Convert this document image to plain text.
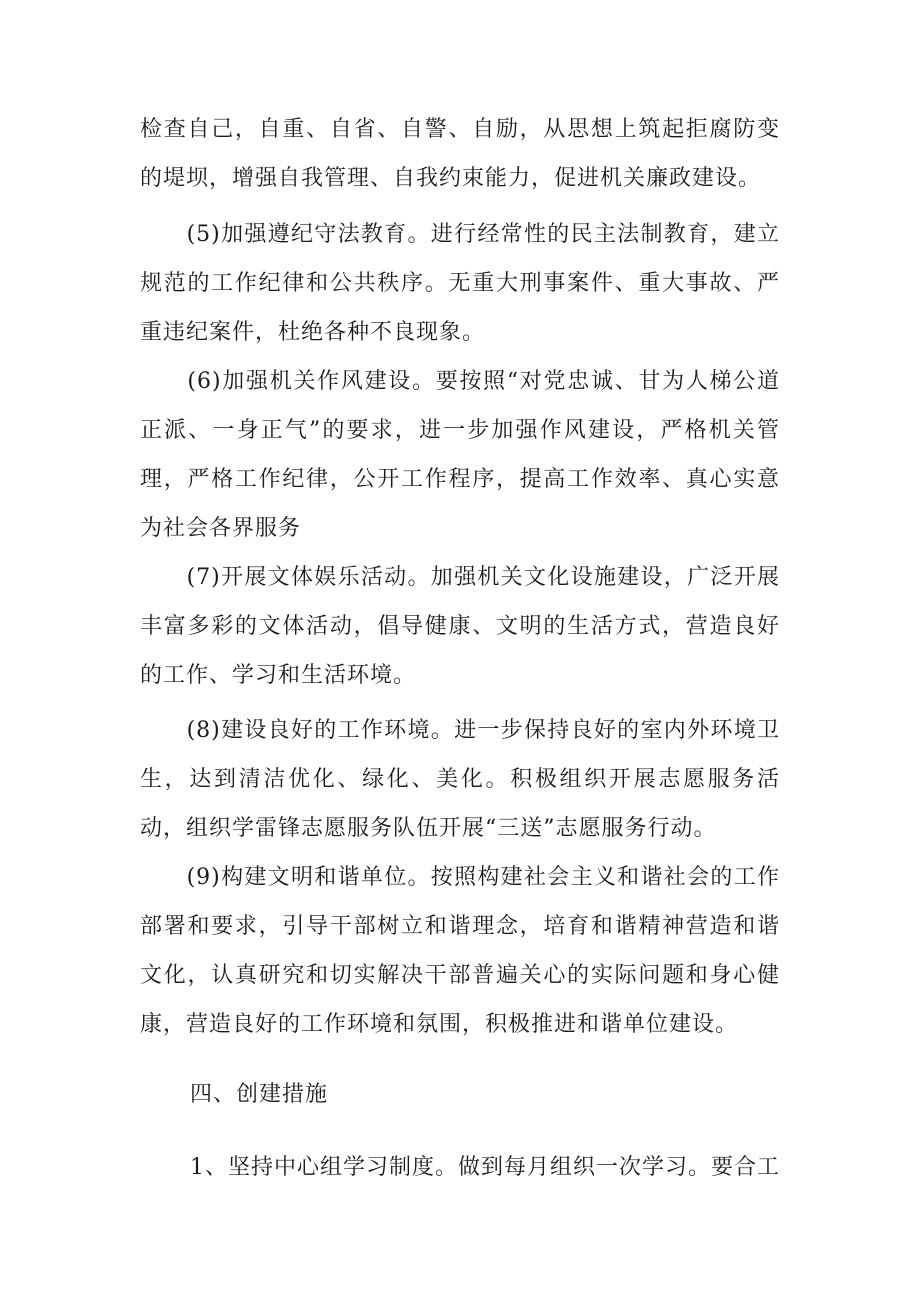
检查自己，自重、自省、自警、自励，从思想上筑起拒腐防变的堤坝，增强自我管理、自我约束能力，促进机关廉政建设。

　　(5)加强遵纪守法教育。进行经常性的民主法制教育，建立规范的工作纪律和公共秩序。无重大刑事案件、重大事故、严重违纪案件，杜绝各种不良现象。

　　(6)加强机关作风建设。要按照“对党忠诚、甘为人梯公道正派、一身正气”的要求，进一步加强作风建设，严格机关管理，严格工作纪律，公开工作程序，提高工作效率、真心实意为社会各界服务

　　(7)开展文体娱乐活动。加强机关文化设施建设，广泛开展丰富多彩的文体活动，倡导健康、文明的生活方式，营造良好的工作、学习和生活环境。

　　(8)建设良好的工作环境。进一步保持良好的室内外环境卫生，达到清洁优化、绿化、美化。积极组织开展志愿服务活动，组织学雷锋志愿服务队伍开展“三送”志愿服务行动。

　　(9)构建文明和谐单位。按照构建社会主义和谐社会的工作部署和要求，引导干部树立和谐理念，培育和谐精神营造和谐文化，认真研究和切实解决干部普遍关心的实际问题和身心健康，营造良好的工作环境和氛围，积极推进和谐单位建设。

四、创建措施

1、坚持中心组学习制度。做到每月组织一次学习。要合工
